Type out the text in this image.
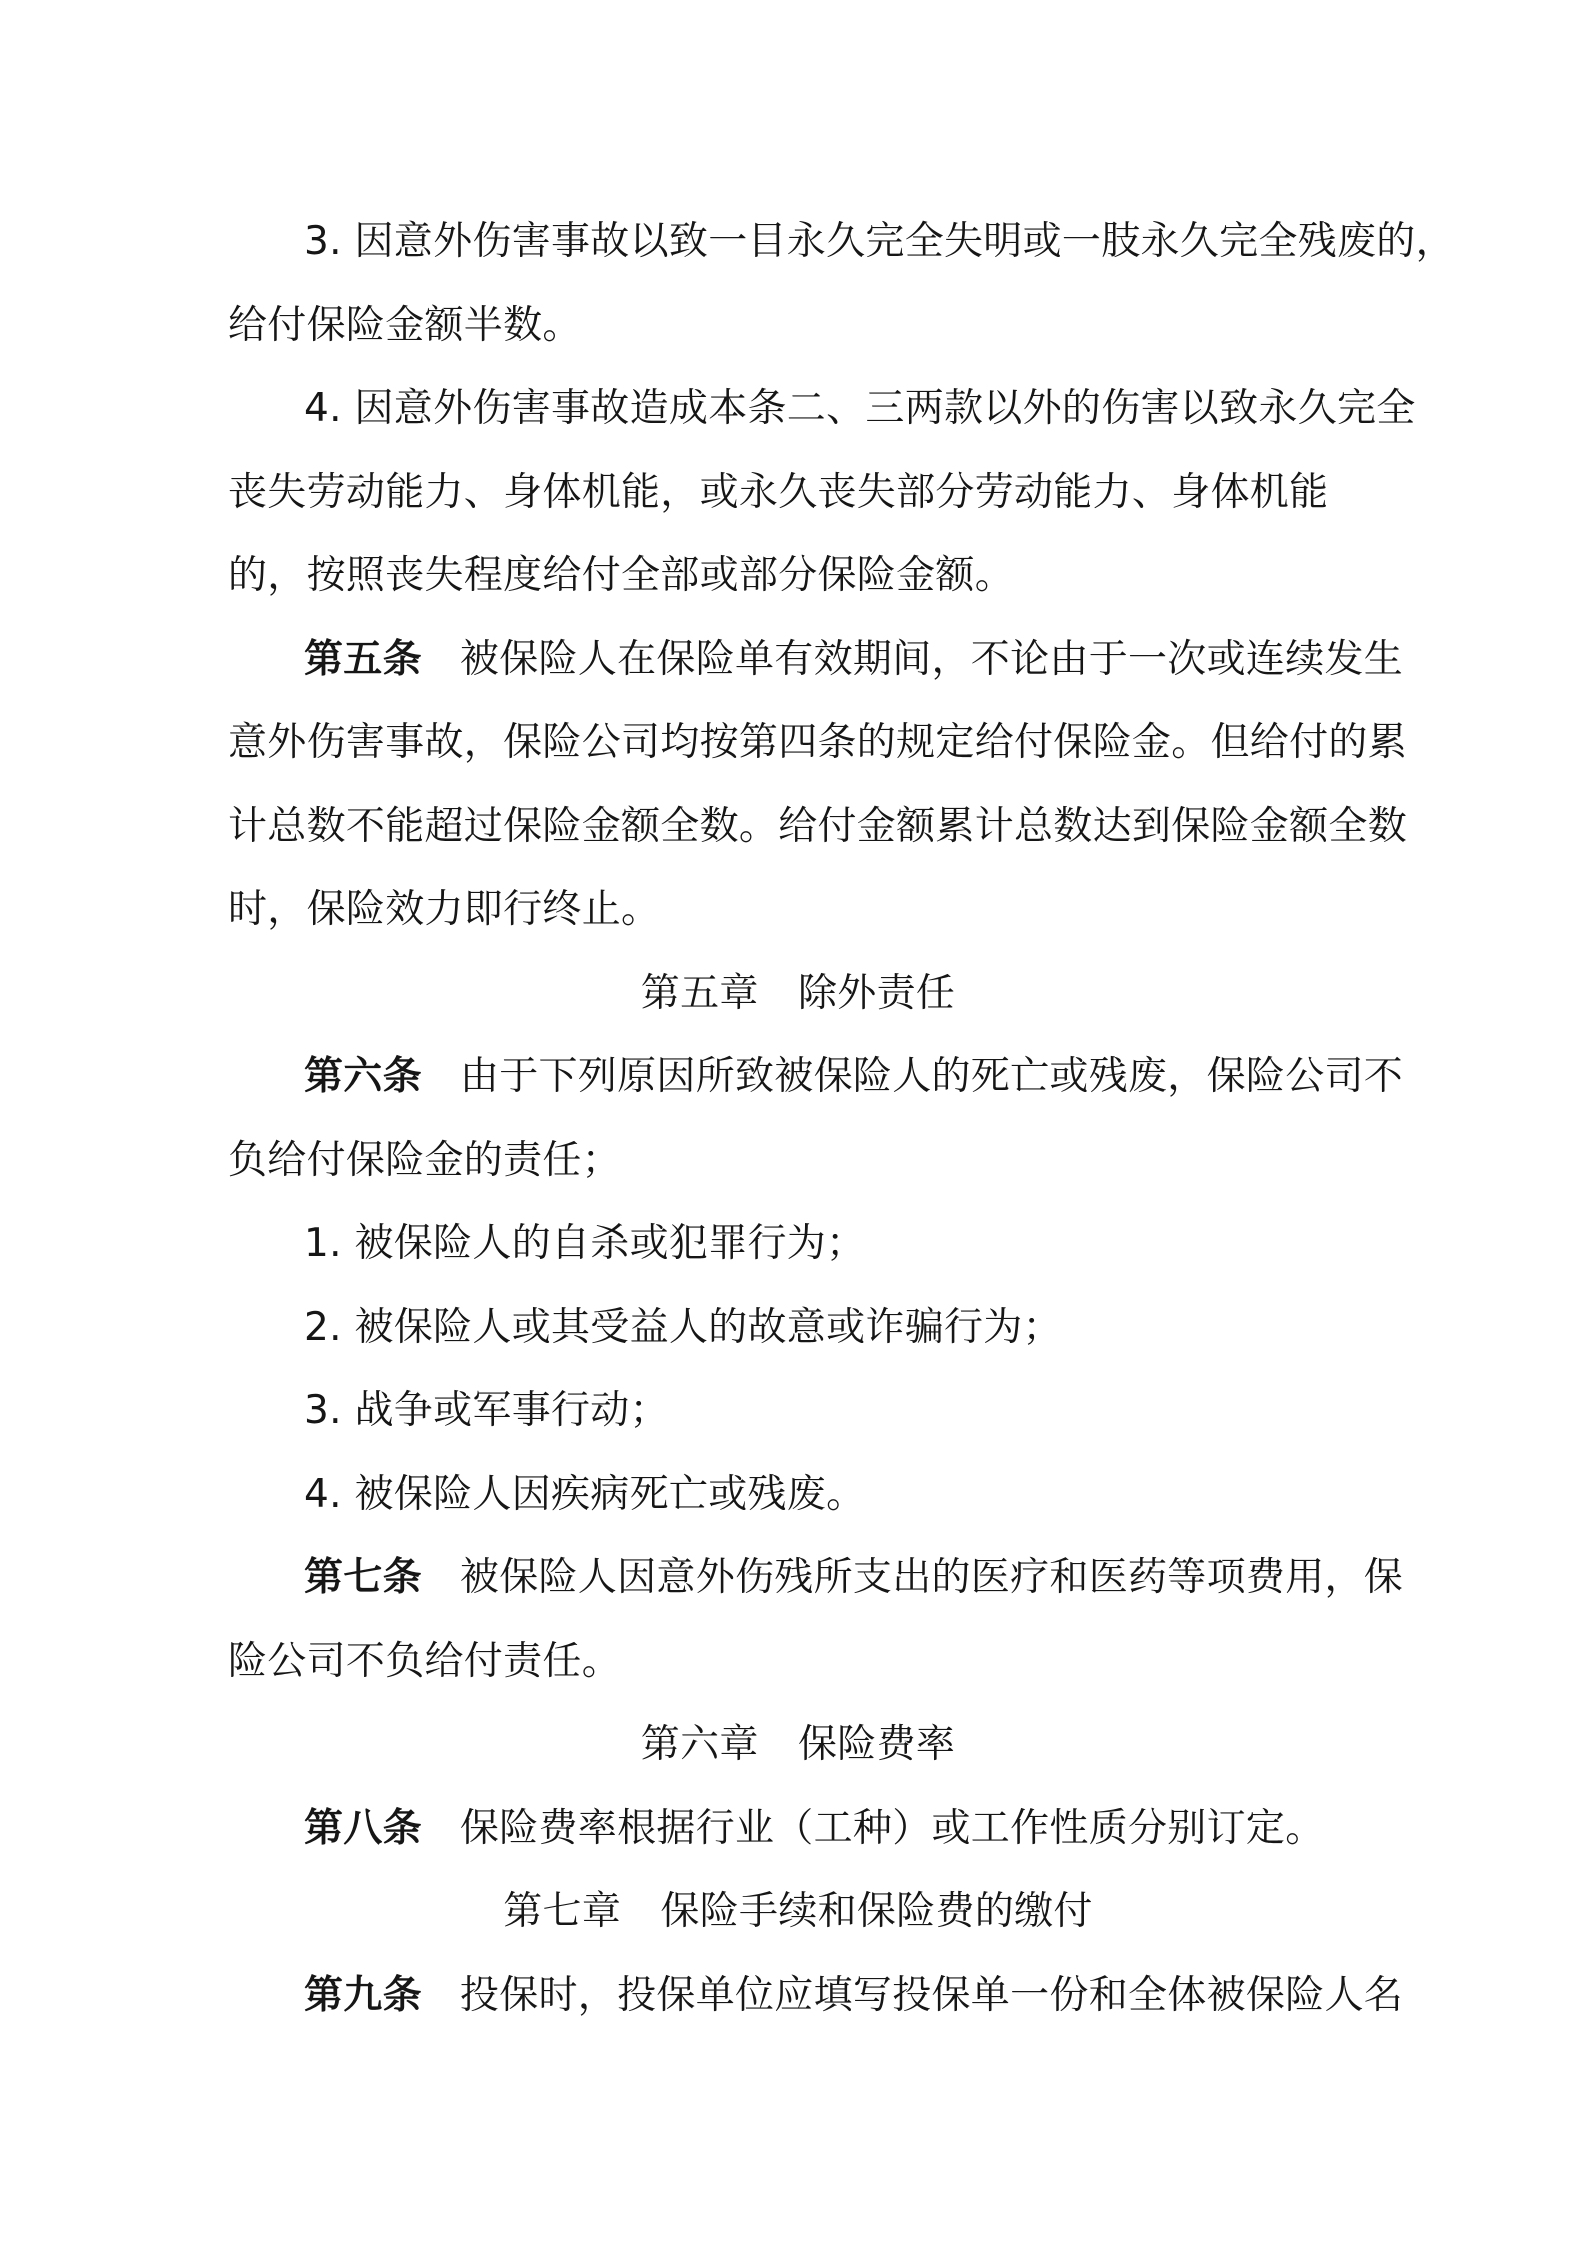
3. 因意外伤害事故以致一目永久完全失明或一肢永久完全残废的，
给付保险金额半数。
4. 因意外伤害事故造成本条二、三两款以外的伤害以致永久完全
丧失劳动能力、身体机能，或永久丧失部分劳动能力、身体机能
的，按照丧失程度给付全部或部分保险金额。
第五条 被保险人在保险单有效期间，不论由于一次或连续发生
意外伤害事故，保险公司均按第四条的规定给付保险金。但给付的累
计总数不能超过保险金额全数。给付金额累计总数达到保险金额全数
时，保险效力即行终止。
第五章　除外责任
第六条 由于下列原因所致被保险人的死亡或残废，保险公司不
负给付保险金的责任；
1. 被保险人的自杀或犯罪行为；
2. 被保险人或其受益人的故意或诈骗行为；
3. 战争或军事行动；
4. 被保险人因疾病死亡或残废。
第七条 被保险人因意外伤残所支出的医疗和医药等项费用，保
险公司不负给付责任。
第六章　保险费率
第八条 保险费率根据行业（工种）或工作性质分别订定。
第七章　保险手续和保险费的缴付
第九条 投保时，投保单位应填写投保单一份和全体被保险人名
